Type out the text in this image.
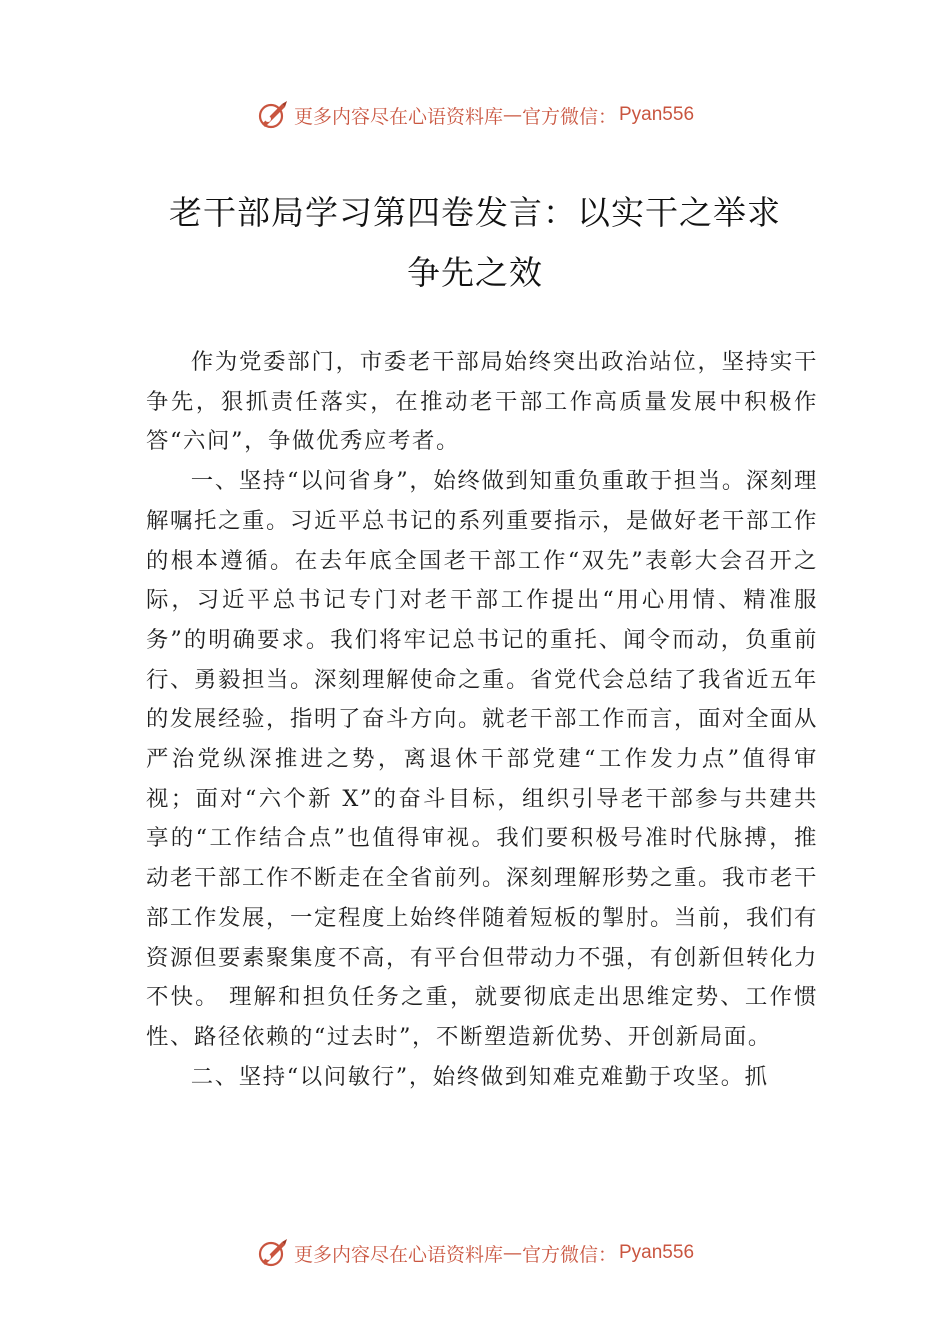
更多内容尽在心语资料库 — 官方微信： Pyan556
老干部局学习第四卷发言：以实干之举求
争先之效

作为党委部门，市委老干部局始终突出政治站位，坚持实干争先，狠抓责任落实，在推动老干部工作高质量发展中积极作答“六问”，争做优秀应考者。

一、坚持“以问省身”，始终做到知重负重敢于担当。深刻理解嘱托之重。习近平总书记的系列重要指示，是做好老干部工作的根本遵循。在去年底全国老干部工作“双先”表彰大会召开之际，习近平总书记专门对老干部工作提出“用心用情、精准服务”的明确要求。我们将牢记总书记的重托、闻令而动，负重前行、勇毅担当。深刻理解使命之重。省党代会总结了我省近五年的发展经验，指明了奋斗方向。就老干部工作而言，面对全面从严治党纵深推进之势，离退休干部党建“工作发力点”值得审视；面对“六个新 X”的奋斗目标，组织引导老干部参与共建共享的“工作结合点”也值得审视。我们要积极号准时代脉搏，推动老干部工作不断走在全省前列。深刻理解形势之重。我市老干部工作发展，一定程度上始终伴随着短板的掣肘。当前，我们有资源但要素聚集度不高，有平台但带动力不强，有创新但转化力不快。 理解和担负任务之重，就要彻底走出思维定势、工作惯性、路径依赖的“过去时”，不断塑造新优势、开创新局面。

二、坚持“以问敏行”，始终做到知难克难勤于攻坚。抓

更多内容尽在心语资料库 — 官方微信： Pyan556
